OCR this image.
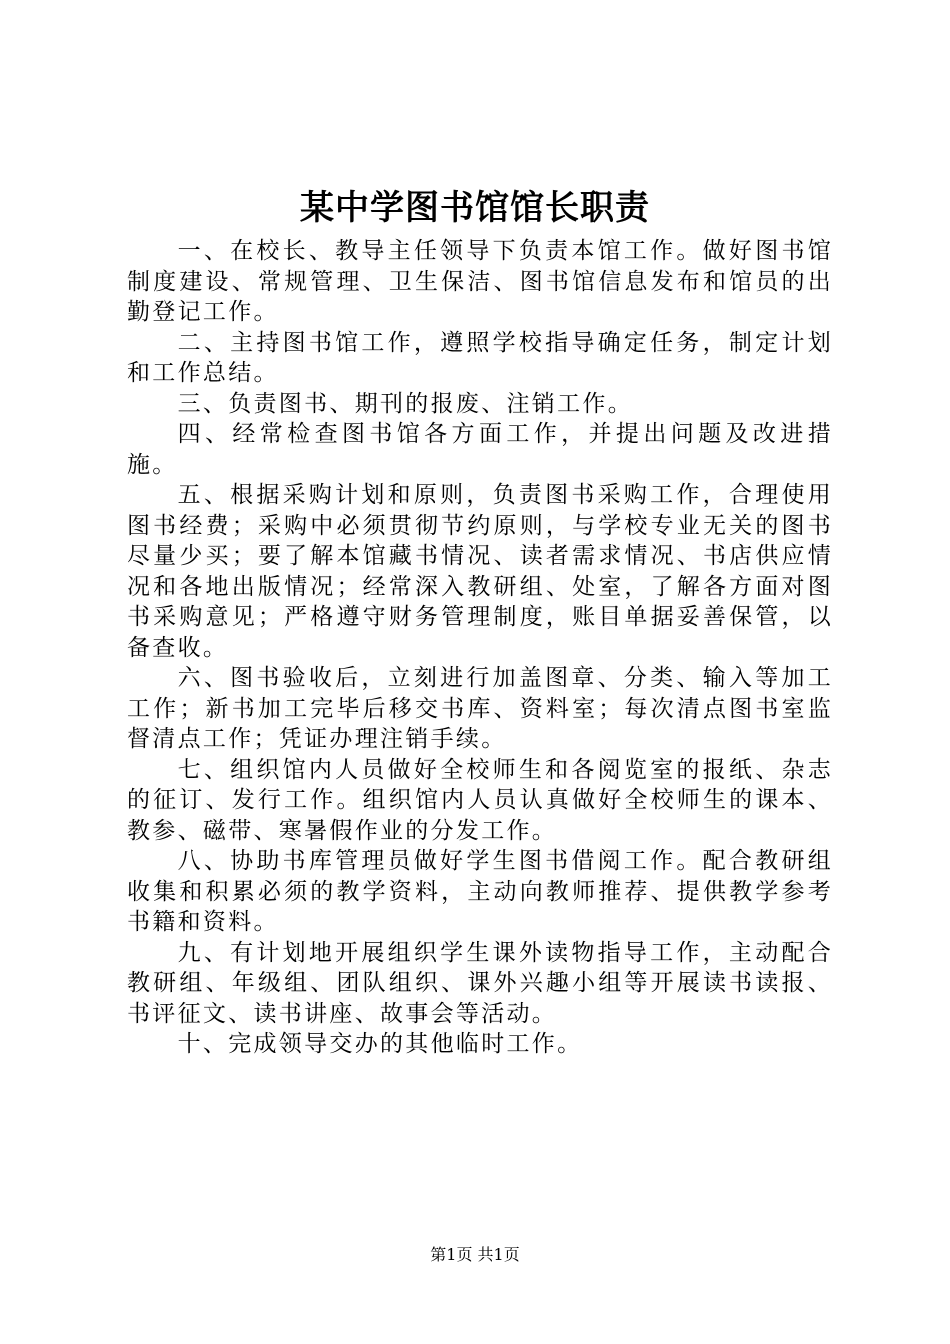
某中学图书馆馆长职责

一、在校长、教导主任领导下负责本馆工作。做好图书馆制度建设、常规管理、卫生保洁、图书馆信息发布和馆员的出勤登记工作。

二、主持图书馆工作，遵照学校指导确定任务，制定计划和工作总结。

三、负责图书、期刊的报废、注销工作。

四、经常检查图书馆各方面工作，并提出问题及改进措施。

五、根据采购计划和原则，负责图书采购工作，合理使用图书经费；采购中必须贯彻节约原则，与学校专业无关的图书尽量少买；要了解本馆藏书情况、读者需求情况、书店供应情况和各地出版情况；经常深入教研组、处室，了解各方面对图书采购意见；严格遵守财务管理制度，账目单据妥善保管，以备查收。

六、图书验收后，立刻进行加盖图章、分类、输入等加工工作；新书加工完毕后移交书库、资料室；每次清点图书室监督清点工作；凭证办理注销手续。

七、组织馆内人员做好全校师生和各阅览室的报纸、杂志的征订、发行工作。组织馆内人员认真做好全校师生的课本、教参、磁带、寒暑假作业的分发工作。

八、协助书库管理员做好学生图书借阅工作。配合教研组收集和积累必须的教学资料，主动向教师推荐、提供教学参考书籍和资料。

九、有计划地开展组织学生课外读物指导工作，主动配合教研组、年级组、团队组织、课外兴趣小组等开展读书读报、书评征文、读书讲座、故事会等活动。

十、完成领导交办的其他临时工作。

第1页 共1页
